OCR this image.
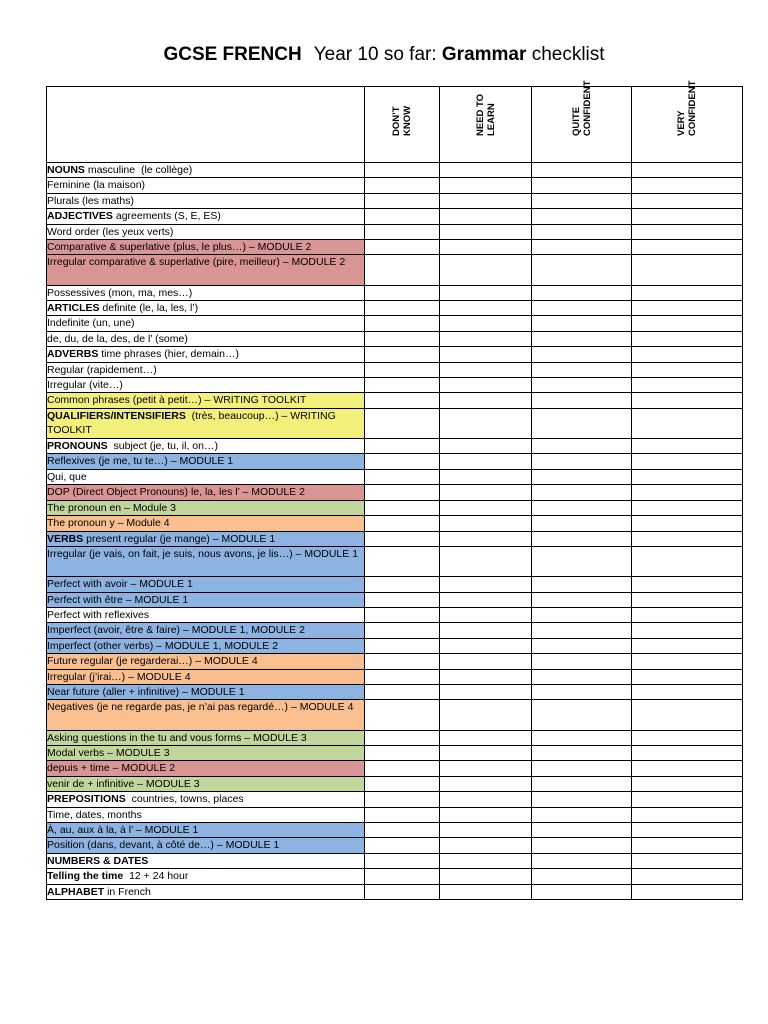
GCSE FRENCH Year 10 so far: Grammar checklist

	DON’T KNOW	NEED TO LEARN	QUITE CONFIDENT	VERY CONFIDENT

NOUNS masculine  (le collège)				
Feminine (la maison)				
Plurals (les maths)				
ADJECTIVES agreements (S, E, ES)				
Word order (les yeux verts)				
Comparative & superlative (plus, le plus…) – MODULE 2				
Irregular comparative & superlative (pire, meilleur) – MODULE 2				
Possessives (mon, ma, mes…)				
ARTICLES definite (le, la, les, l’)				
Indefinite (un, une)				
de, du, de la, des, de l’ (some)				
ADVERBS time phrases (hier, demain…)				
Regular (rapidement…)				
Irregular (vite…)				
Common phrases (petit à petit…) – WRITING TOOLKIT				
QUALIFIERS/INTENSIFIERS  (très, beaucoup…) – WRITING TOOLKIT				
PRONOUNS  subject (je, tu, il, on…)				
Reflexives (je me, tu te…) – MODULE 1				
Qui, que				
DOP (Direct Object Pronouns) le, la, les l’ – MODULE 2				
The pronoun en – Module 3				
The pronoun y – Module 4				
VERBS present regular (je mange) – MODULE 1				
Irregular (je vais, on fait, je suis, nous avons, je lis…) – MODULE 1				
Perfect with avoir – MODULE 1				
Perfect with être – MODULE 1				
Perfect with reflexives				
Imperfect (avoir, être & faire) – MODULE 1, MODULE 2				
Imperfect (other verbs) – MODULE 1, MODULE 2				
Future regular (je regarderai…) – MODULE 4				
Irregular (j’irai…) – MODULE 4				
Near future (aller + infinitive) – MODULE 1				
Negatives (je ne regarde pas, je n’ai pas regardé…) – MODULE 4				
Asking questions in the tu and vous forms – MODULE 3				
Modal verbs – MODULE 3				
depuis + time – MODULE 2				
venir de + infinitive – MODULE 3				
PREPOSITIONS  countries, towns, places				
Time, dates, months				
À, au, aux à la, à l’ – MODULE 1				
Position (dans, devant, à côté de…) – MODULE 1				
NUMBERS & DATES				
Telling the time  12 + 24 hour				
ALPHABET in French				
